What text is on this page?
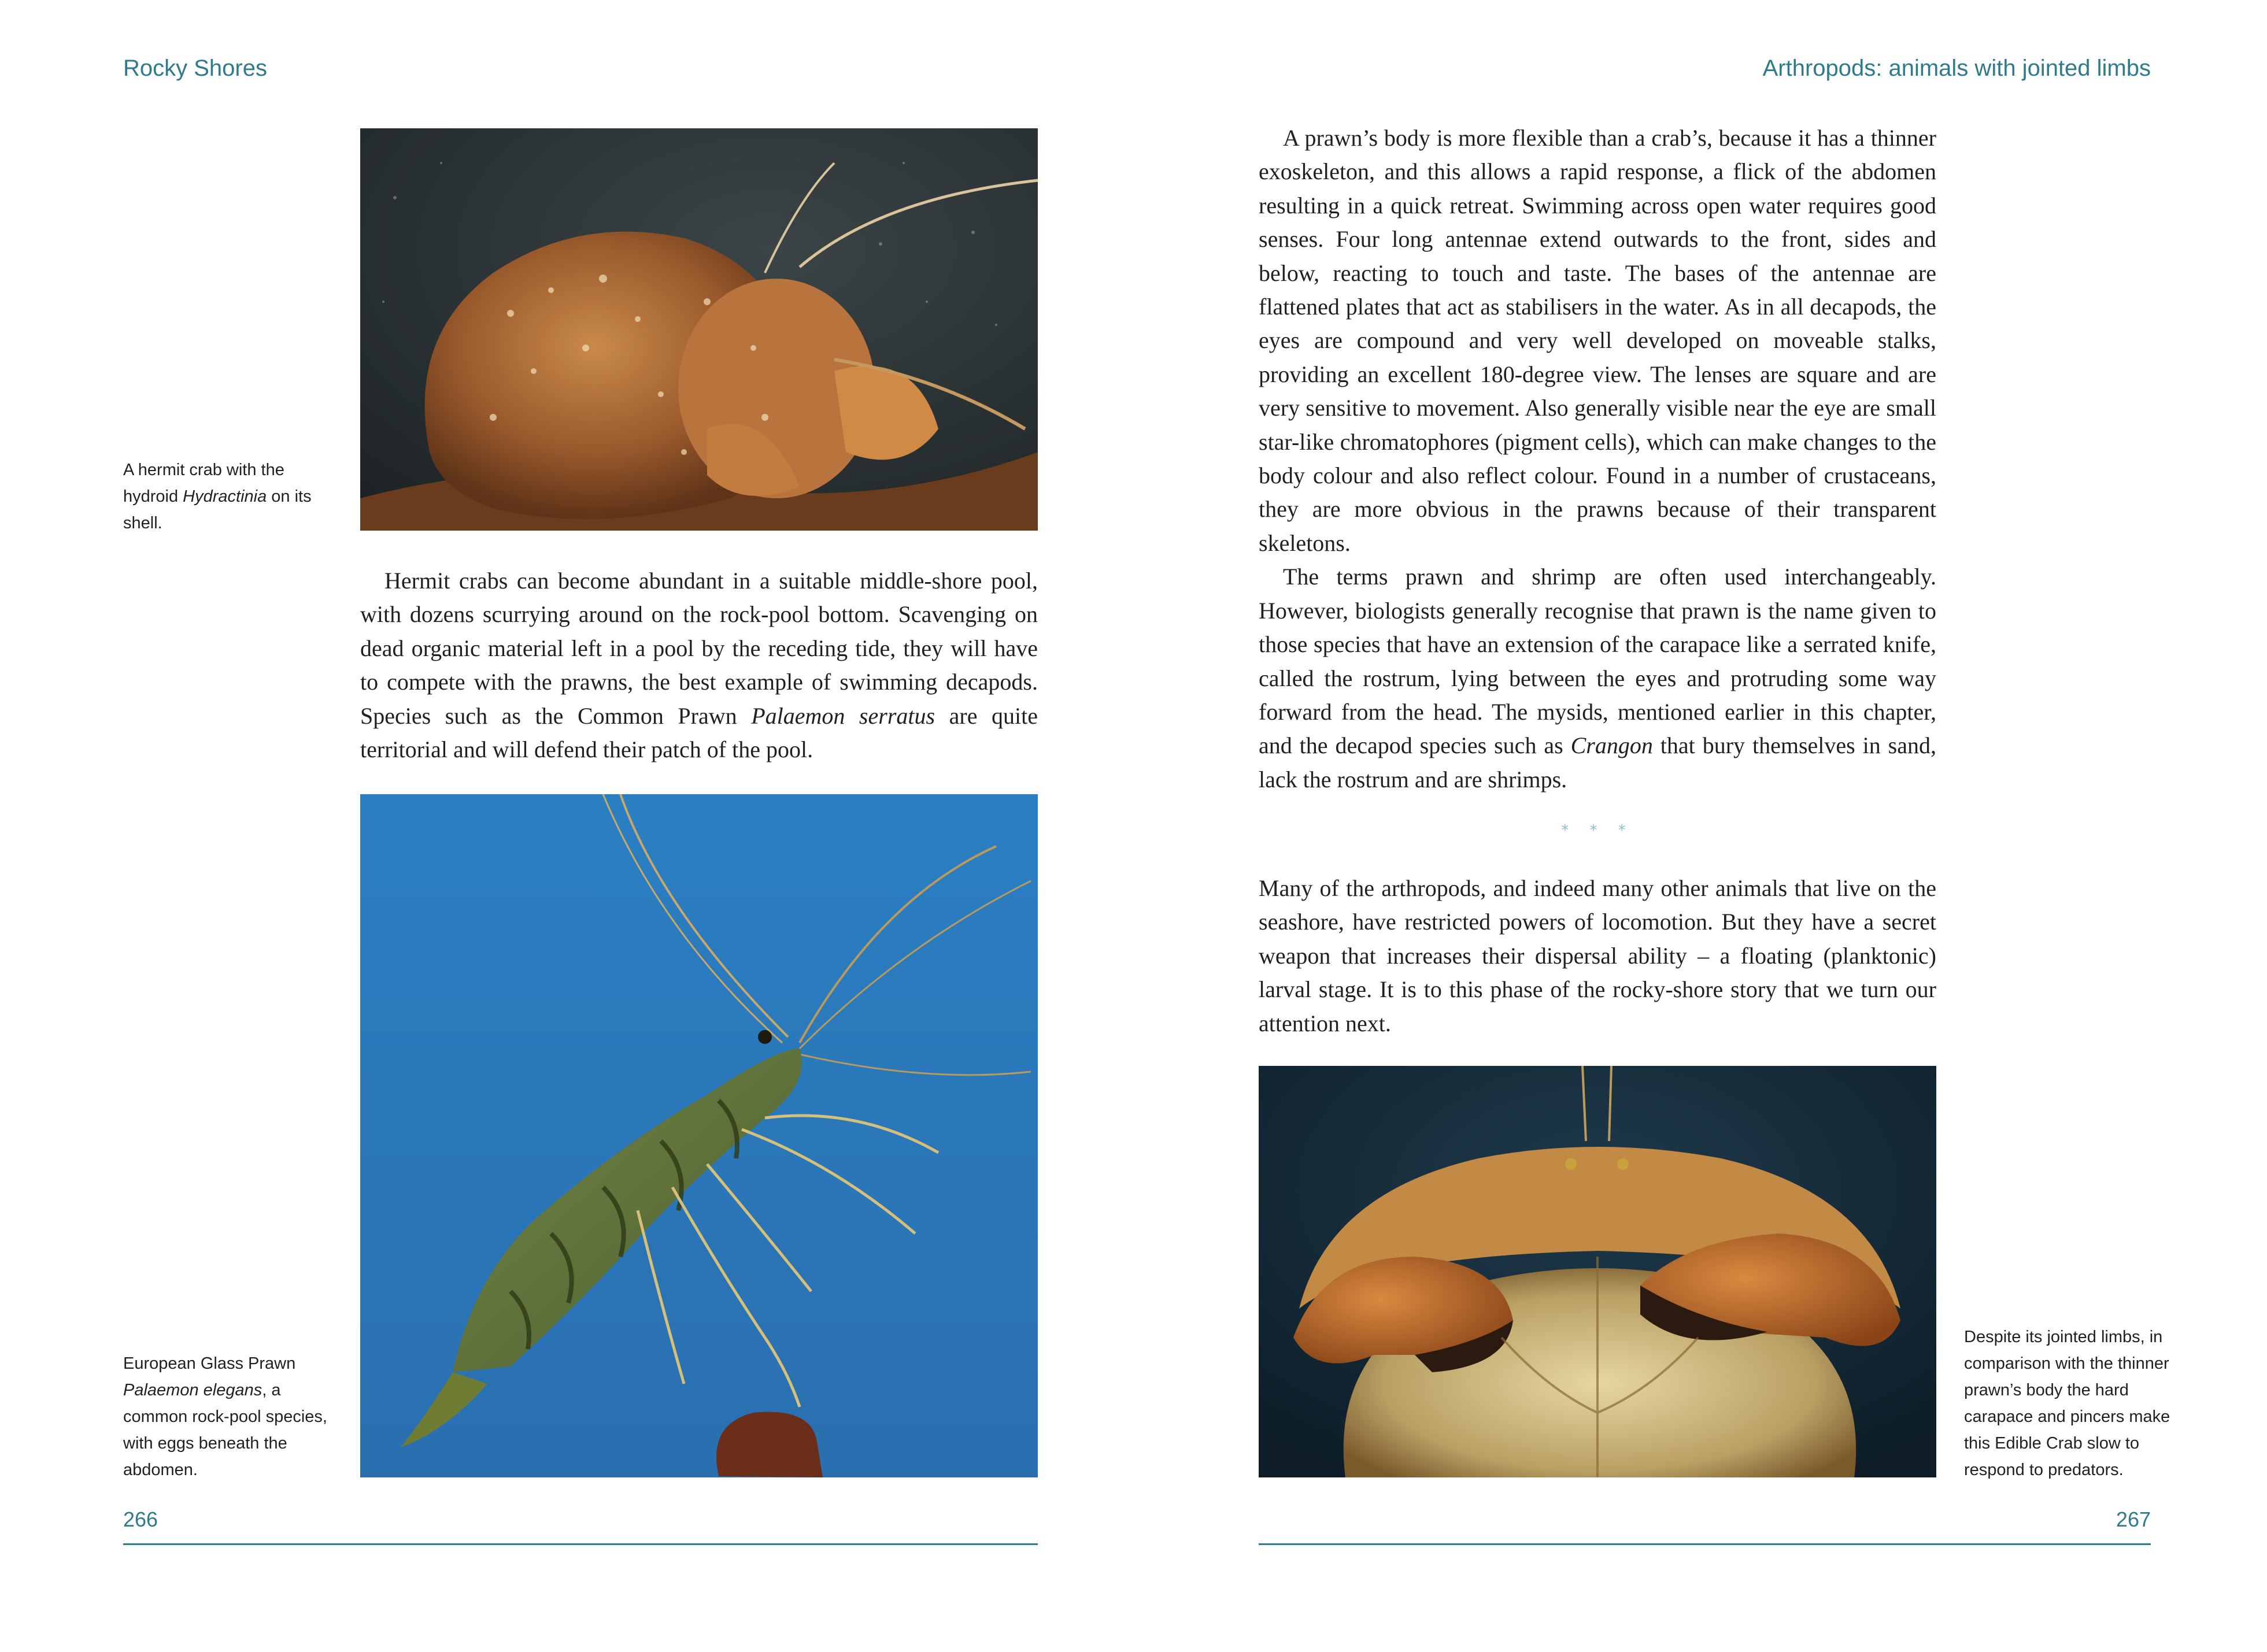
Rocky Shores
A hermit crab with the hydroid Hydractinia on its shell.

Hermit crabs can become abundant in a suitable middle-shore pool, with dozens scurrying around on the rock-pool bottom. Scavenging on dead organic material left in a pool by the receding tide, they will have to compete with the prawns, the best example of swimming decapods. Species such as the Common Prawn Palaemon serratus are quite territorial and will defend their patch of the pool.

European Glass Prawn Palaemon elegans, a common rock-pool species, with eggs beneath the abdomen.
266
Arthropods: animals with jointed limbs

A prawn’s body is more flexible than a crab’s, because it has a thinner exoskeleton, and this allows a rapid response, a flick of the abdomen resulting in a quick retreat. Swimming across open water requires good senses. Four long antennae extend outwards to the front, sides and below, reacting to touch and taste. The bases of the antennae are flattened plates that act as stabilisers in the water. As in all decapods, the eyes are compound and very well developed on moveable stalks, providing an excellent 180-degree view. The lenses are square and are very sensitive to movement. Also generally visible near the eye are small star-like chromatophores (pigment cells), which can make changes to the body colour and also reflect colour. Found in a number of crustaceans, they are more obvious in the prawns because of their transparent skeletons.

The terms prawn and shrimp are often used interchangeably. However, biologists generally recognise that prawn is the name given to those species that have an extension of the carapace like a serrated knife, called the rostrum, lying between the eyes and protruding some way forward from the head. The mysids, mentioned earlier in this chapter, and the decapod species such as Crangon that bury themselves in sand, lack the rostrum and are shrimps.

* * *

Many of the arthropods, and indeed many other animals that live on the seashore, have restricted powers of locomotion. But they have a secret weapon that increases their dispersal ability – a floating (planktonic) larval stage. It is to this phase of the rocky-shore story that we turn our attention next.

Despite its jointed limbs, in comparison with the thinner prawn’s body the hard carapace and pincers make this Edible Crab slow to respond to predators.
267
